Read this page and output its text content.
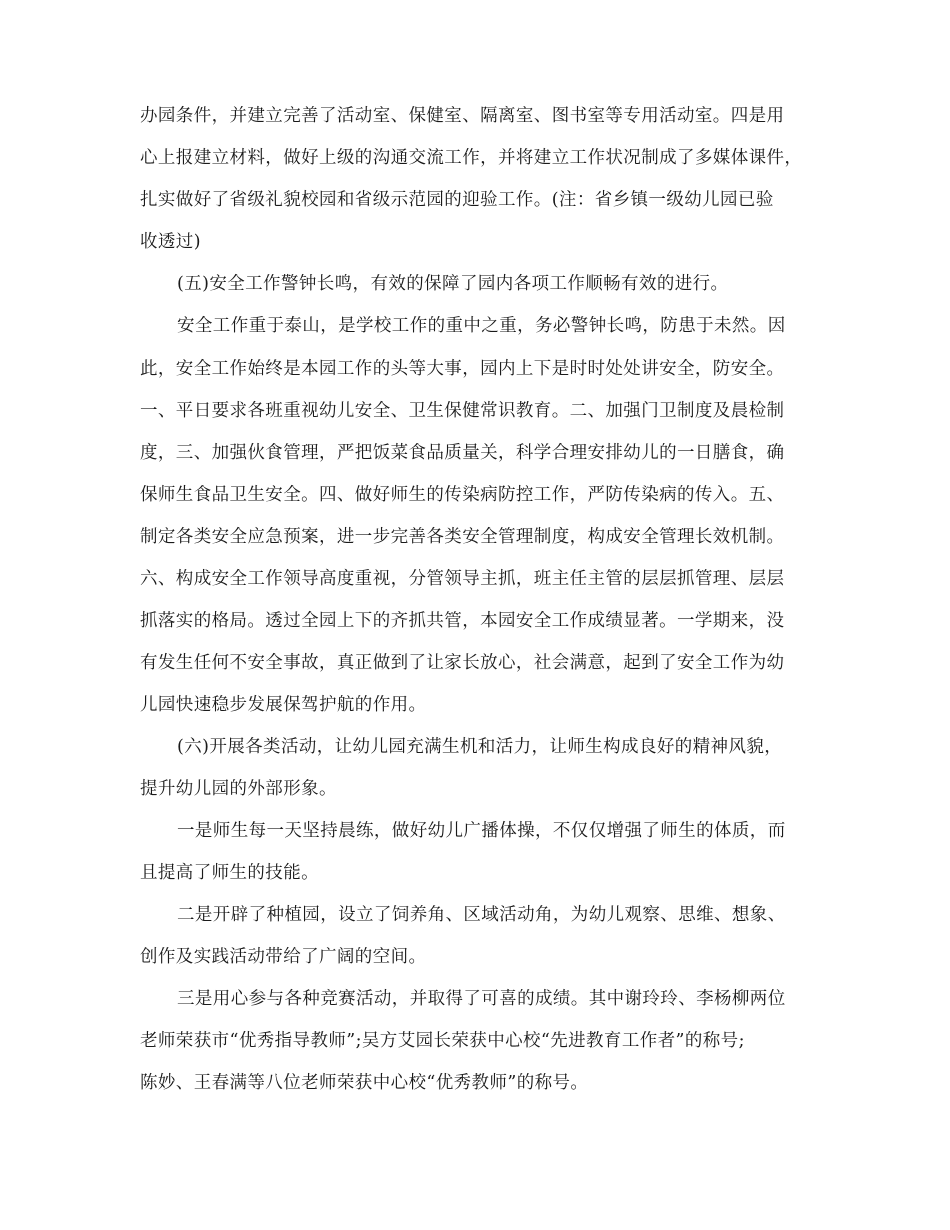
办园条件，并建立完善了活动室、保健室、隔离室、图书室等专用活动室。四是用
心上报建立材料，做好上级的沟通交流工作，并将建立工作状况制成了多媒体课件，
扎实做好了省级礼貌校园和省级示范园的迎验工作。(注：省乡镇一级幼儿园已验
收透过)
(五)安全工作警钟长鸣，有效的保障了园内各项工作顺畅有效的进行。
安全工作重于泰山，是学校工作的重中之重，务必警钟长鸣，防患于未然。因
此，安全工作始终是本园工作的头等大事，园内上下是时时处处讲安全，防安全。
一、平日要求各班重视幼儿安全、卫生保健常识教育。二、加强门卫制度及晨检制
度，三、加强伙食管理，严把饭菜食品质量关，科学合理安排幼儿的一日膳食，确
保师生食品卫生安全。四、做好师生的传染病防控工作，严防传染病的传入。五、
制定各类安全应急预案，进一步完善各类安全管理制度，构成安全管理长效机制。
六、构成安全工作领导高度重视，分管领导主抓，班主任主管的层层抓管理、层层
抓落实的格局。透过全园上下的齐抓共管，本园安全工作成绩显著。一学期来，没
有发生任何不安全事故，真正做到了让家长放心，社会满意，起到了安全工作为幼
儿园快速稳步发展保驾护航的作用。
(六)开展各类活动，让幼儿园充满生机和活力，让师生构成良好的精神风貌，
提升幼儿园的外部形象。
一是师生每一天坚持晨练，做好幼儿广播体操，不仅仅增强了师生的体质，而
且提高了师生的技能。
二是开辟了种植园，设立了饲养角、区域活动角，为幼儿观察、思维、想象、
创作及实践活动带给了广阔的空间。
三是用心参与各种竞赛活动，并取得了可喜的成绩。其中谢玲玲、李杨柳两位
老师荣获市“优秀指导教师”;吴方艾园长荣获中心校“先进教育工作者”的称号;
陈妙、王春满等八位老师荣获中心校“优秀教师”的称号。
